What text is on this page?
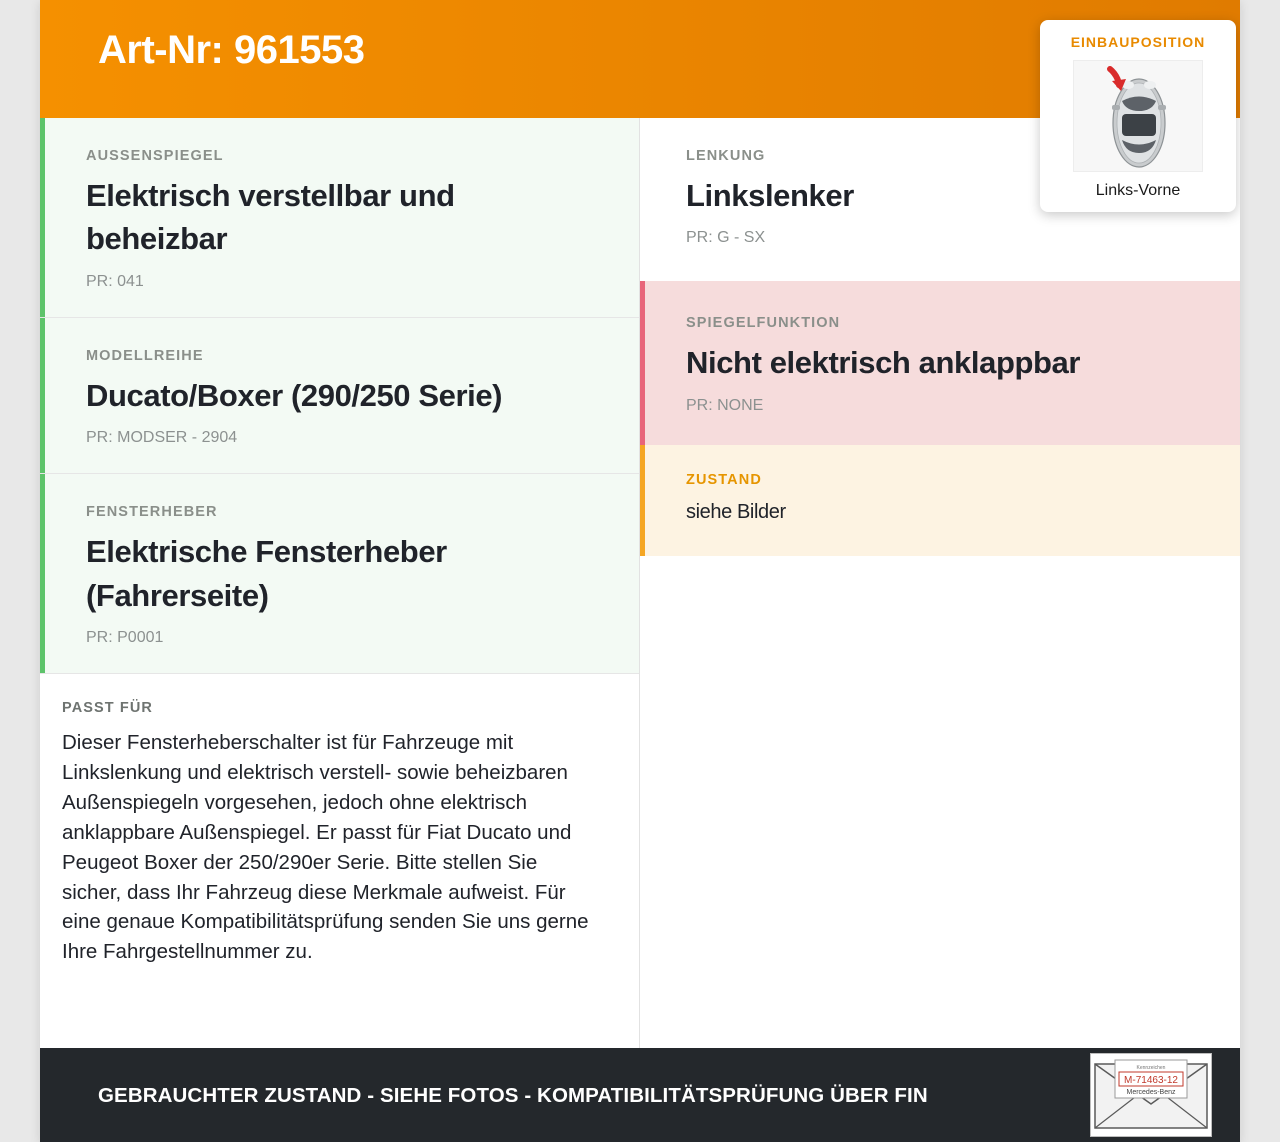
Art-Nr: 961553
AUSSENSPIEGEL
Elektrisch verstellbar und beheizbar
PR: 041
MODELLREIHE
Ducato/Boxer (290/250 Serie)
PR: MODSER - 2904
FENSTERHEBER
Elektrische Fensterheber (Fahrerseite)
PR: P0001
PASST FÜR
Dieser Fensterheberschalter ist für Fahrzeuge mit Linkslenkung und elektrisch verstell- sowie beheizbaren Außenspiegeln vorgesehen, jedoch ohne elektrisch anklappbare Außenspiegel. Er passt für Fiat Ducato und Peugeot Boxer der 250/290er Serie. Bitte stellen Sie sicher, dass Ihr Fahrzeug diese Merkmale aufweist. Für eine genaue Kompatibilitätsprüfung senden Sie uns gerne Ihre Fahrgestellnummer zu.
LENKUNG
Linkslenker
PR: G - SX
SPIEGELFUNKTION
Nicht elektrisch anklappbar
PR: NONE
ZUSTAND
siehe Bilder
EINBAUPOSITION
Links-Vorne
GEBRAUCHTER ZUSTAND - SIEHE FOTOS - KOMPATIBILITÄTSPRÜFUNG ÜBER FIN
Kennzeichen
M-71463-12
Mercedes-Benz
